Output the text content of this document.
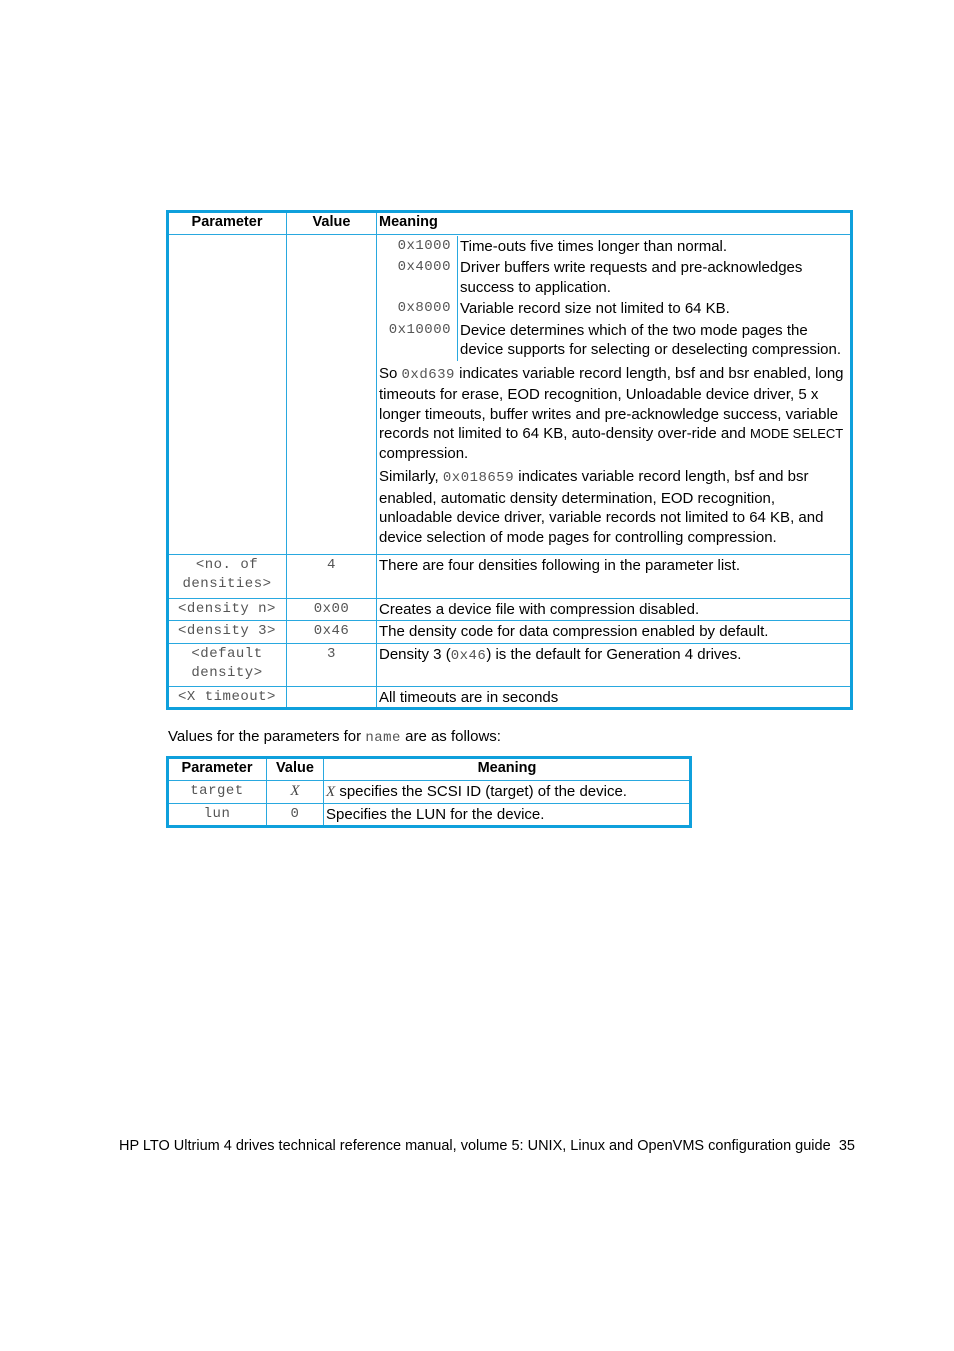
Parameter	Value	Meaning

0x1000	Time-outs five times longer than normal.
0x4000	Driver buffers write requests and pre-acknowledges success to application.
0x8000	Variable record size not limited to 64 KB.
0x10000	Device determines which of the two mode pages the device supports for selecting or deselecting compression.
So 0xd639 indicates variable record length, bsf and bsr enabled, long timeouts for erase, EOD recognition, Unloadable device driver, 5 x longer timeouts, buffer writes and pre-acknowledge success, variable records not limited to 64 KB, auto-density over-ride and MODE SELECT compression.
Similarly, 0x018659 indicates variable record length, bsf and bsr enabled, automatic density determination, EOD recognition, unloadable device driver, variable records not limited to 64 KB, and device selection of mode pages for controlling compression.

<no. of densities>	4	There are four densities following in the parameter list.
<density n>	0x00	Creates a device file with compression disabled.
<density 3>	0x46	The density code for data compression enabled by default.
<default density>	3	Density 3 (0x46) is the default for Generation 4 drives.
<X timeout>		All timeouts are in seconds
Values for the parameters for name are as follows:
Parameter	Value	Meaning
target	X	X specifies the SCSI ID (target) of the device.
lun	0	Specifies the LUN for the device.
HP LTO Ultrium 4 drives technical reference manual, volume 5: UNIX, Linux and OpenVMS configuration guide 35
